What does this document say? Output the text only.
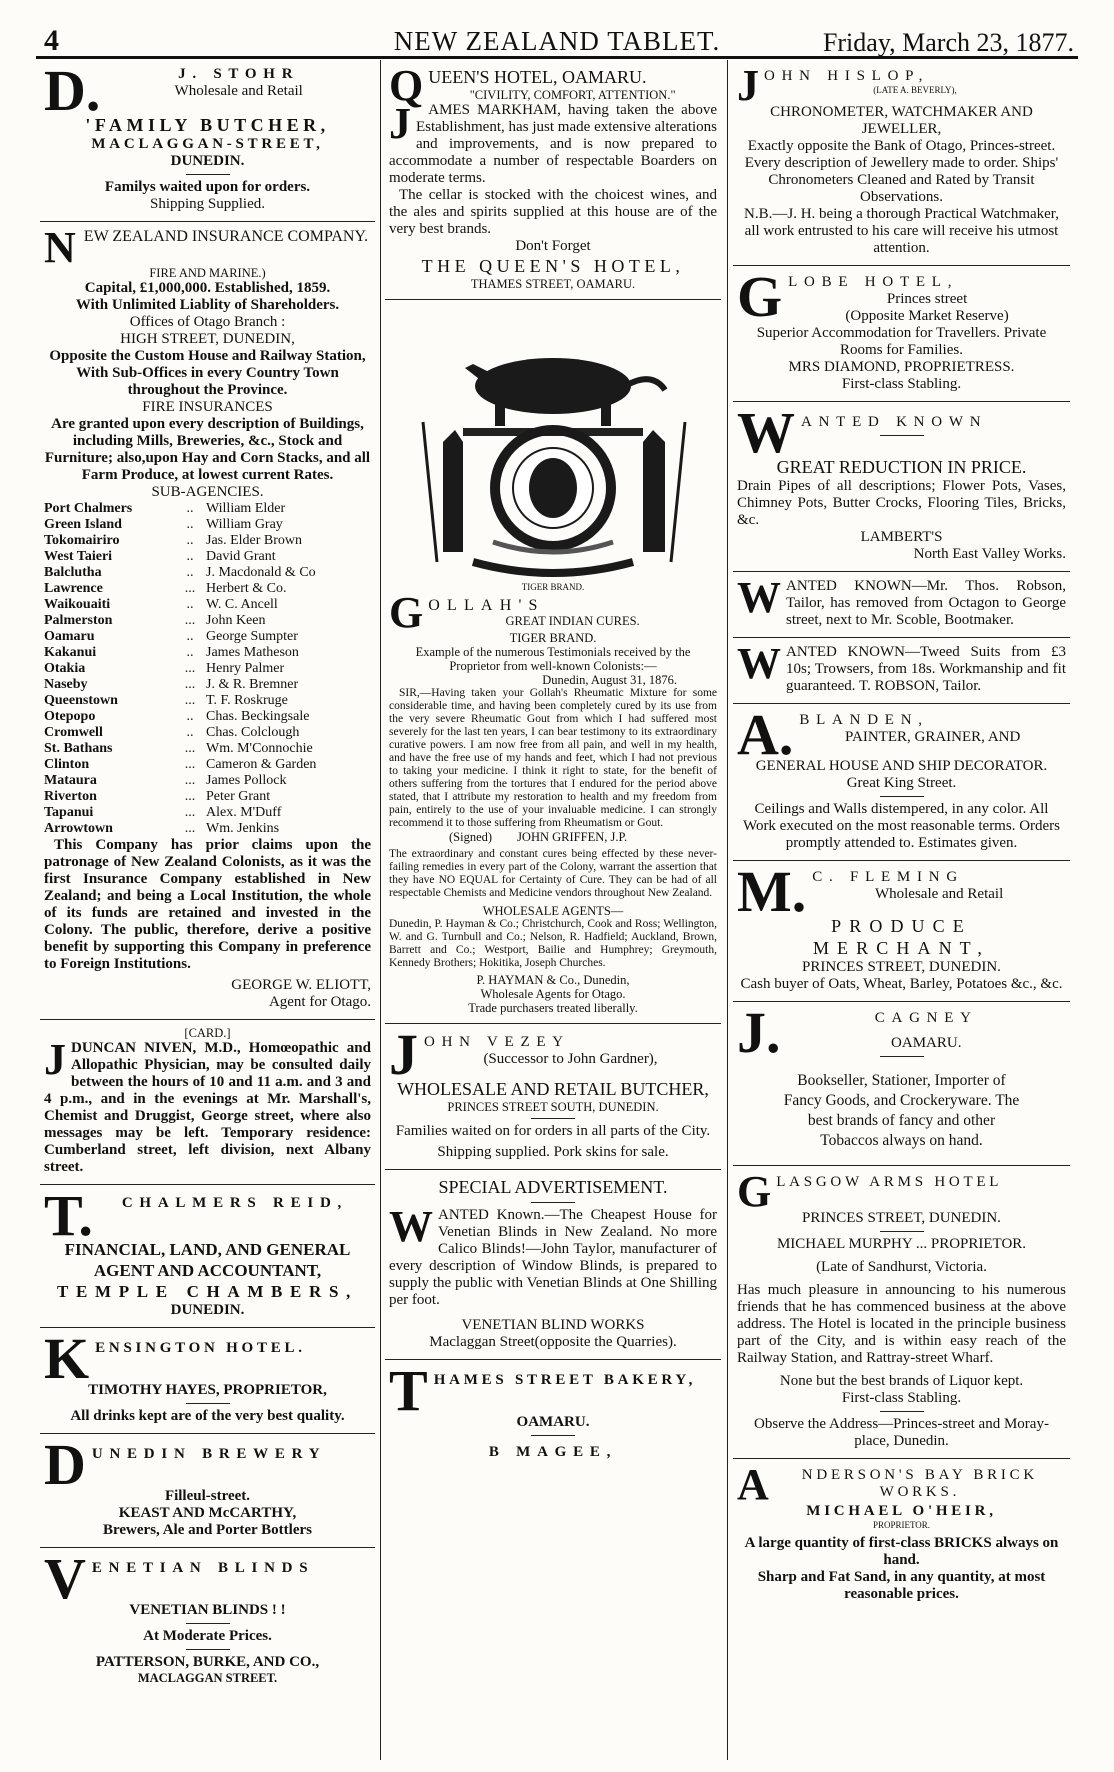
4	NEW ZEALAND TABLET.	Friday, March 23, 1877.
D.	J. STOHR
Wholesale and Retail
'FAMILY BUTCHER,
MACLAGGAN-STREET,
DUNEDIN.
Familys waited upon for orders.
Shipping Supplied.
N EW ZEALAND INSURANCE COMPANY.
FIRE AND MARINE.)
Capital, £1,000,000. Established, 1859.
With Unlimited Liablity of Shareholders.
Offices of Otago Branch :
HIGH STREET, DUNEDIN,
Opposite the Custom House and Railway Station,
With Sub-Offices in every Country Town throughout the Province.
FIRE INSURANCES
Are granted upon every description of Buildings, including Mills, Breweries, &c., Stock and Furniture; also,upon Hay and Corn Stacks, and all Farm Produce, at lowest current Rates.
SUB-AGENCIES.
Port Chalmers	..	William Elder
Green Island	..	William Gray
Tokomairiro	..	Jas. Elder Brown
West Taieri	..	David Grant
Balclutha	..	J. Macdonald & Co
Lawrence	...	Herbert & Co.
Waikouaiti	..	W. C. Ancell
Palmerston	...	John Keen
Oamaru	..	George Sumpter
Kakanui	..	James Matheson
Otakia	...	Henry Palmer
Naseby	...	J. & R. Bremner
Queenstown	...	T. F. Roskruge
Otepopo	..	Chas. Beckingsale
Cromwell	..	Chas. Colclough
St. Bathans	...	Wm. M'Connochie
Clinton	...	Cameron & Garden
Mataura	...	James Pollock
Riverton	...	Peter Grant
Tapanui	...	Alex. M'Duff
Arrowtown	...	Wm. Jenkins
This Company has prior claims upon the patronage of New Zealand Colonists, as it was the first Insurance Company established in New Zealand; and being a Local Institution, the whole of its funds are retained and invested in the Colony. The public, therefore, derive a positive benefit by supporting this Company in preference to Foreign Institutions.
GEORGE W. ELIOTT,
Agent for Otago.
[CARD.]
J DUNCAN NIVEN, M.D., Homœopathic and Allopathic Physician, may be consulted daily between the hours of 10 and 11 a.m. and 3 and 4 p.m., and in the evenings at Mr. Marshall's, Chemist and Druggist, George street, where also messages may be left. Temporary residence: Cumberland street, left division, next Albany street.
T.	CHALMERS REID,
FINANCIAL, LAND, AND GENERAL
AGENT AND ACCOUNTANT,
TEMPLE CHAMBERS,
DUNEDIN.
K ENSINGTON HOTEL.
TIMOTHY HAYES, PROPRIETOR,
All drinks kept are of the very best quality.
D UNEDIN BREWERY
Filleul-street.
KEAST AND McCARTHY,
Brewers, Ale and Porter Bottlers
V ENETIAN BLINDS
VENETIAN BLINDS ! !
At Moderate Prices.
PATTERSON, BURKE, AND CO.,
MACLAGGAN STREET.
Q UEEN'S HOTEL, OAMARU.
"CIVILITY, COMFORT, ATTENTION."
J	AMES MARKHAM, having taken the above Establishment, has just made extensive alterations and improvements, and is now prepared to accommodate a number of respectable Boarders on moderate terms.
The cellar is stocked with the choicest wines, and the ales and spirits supplied at this house are of the very best brands.
Don't Forget
THE QUEEN'S HOTEL,
THAMES STREET, OAMARU.
TIGER BRAND.
G OLLAH'S
GREAT INDIAN CURES.
TIGER BRAND.
Example of the numerous Testimonials received by the Proprietor from well-known Colonists:—
Dunedin, August 31, 1876.
SIR,—Having taken your Gollah's Rheumatic Mixture for some considerable time, and having been completely cured by its use from the very severe Rheumatic Gout from which I had suffered most severely for the last ten years, I can bear testimony to its extraordinary curative powers. I am now free from all pain, and well in my health, and have the free use of my hands and feet, which I had not previous to taking your medicine. I think it right to state, for the benefit of others suffering from the tortures that I endured for the period above stated, that I attribute my restoration to health and my freedom from pain, entirely to the use of your invaluable medicine. I can strongly recommend it to those suffering from Rheumatism or Gout.
(Signed) JOHN GRIFFEN, J.P.
The extraordinary and constant cures being effected by these never-failing remedies in every part of the Colony, warrant the assertion that they have NO EQUAL for Certainty of Cure. They can be had of all respectable Chemists and Medicine vendors throughout New Zealand.
WHOLESALE AGENTS—
Dunedin, P. Hayman & Co.; Christchurch, Cook and Ross; Wellington, W. and G. Turnbull and Co.; Nelson, R. Hadfield; Auckland, Brown, Barrett and Co.; Westport, Bailie and Humphrey; Greymouth, Kennedy Brothers; Hokitika, Joseph Churches.
P. HAYMAN & Co., Dunedin,
Wholesale Agents for Otago.
Trade purchasers treated liberally.
J OHN VEZEY
(Successor to John Gardner),
WHOLESALE AND RETAIL BUTCHER,
PRINCES STREET SOUTH, DUNEDIN.
Families waited on for orders in all parts of the City.
Shipping supplied. Pork skins for sale.
SPECIAL ADVERTISEMENT.
W ANTED Known.—The Cheapest House for Venetian Blinds in New Zealand. No more Calico Blinds!—John Taylor, manufacturer of every description of Window Blinds, is prepared to supply the public with Venetian Blinds at One Shilling per foot.
VENETIAN BLIND WORKS
Maclaggan Street(opposite the Quarries).
T HAMES STREET BAKERY,
OAMARU.
B MAGEE,
J OHN HISLOP,
(LATE A. BEVERLY),
CHRONOMETER, WATCHMAKER AND JEWELLER,
Exactly opposite the Bank of Otago, Princes-street.
Every description of Jewellery made to order. Ships' Chronometers Cleaned and Rated by Transit Observations.
N.B.—J. H. being a thorough Practical Watchmaker, all work entrusted to his care will receive his utmost attention.
G LOBE HOTEL,
Princes street
(Opposite Market Reserve)
Superior Accommodation for Travellers. Private Rooms for Families.
MRS DIAMOND, PROPRIETRESS.
First-class Stabling.
W ANTED KNOWN
GREAT REDUCTION IN PRICE.
Drain Pipes of all descriptions; Flower Pots, Vases, Chimney Pots, Butter Crocks, Flooring Tiles, Bricks, &c.
LAMBERT'S
North East Valley Works.
W ANTED KNOWN—Mr. Thos. Robson, Tailor, has removed from Octagon to George street, next to Mr. Scoble, Bootmaker.
W ANTED KNOWN—Tweed Suits from £3 10s; Trowsers, from 18s. Workmanship and fit guaranteed. T. ROBSON, Tailor.
A. BLANDEN,
PAINTER, GRAINER, AND
GENERAL HOUSE AND SHIP DECORATOR.
Great King Street.
Ceilings and Walls distempered, in any color. All Work executed on the most reasonable terms. Orders promptly attended to. Estimates given.
M. C. FLEMING
Wholesale and Retail
PRODUCE MERCHANT,
PRINCES STREET, DUNEDIN.
Cash buyer of Oats, Wheat, Barley, Potatoes &c., &c.
J.	CAGNEY
OAMARU.
Bookseller, Stationer, Importer of Fancy Goods, and Crockeryware. The best brands of fancy and other Tobaccos always on hand.
G LASGOW ARMS HOTEL
PRINCES STREET, DUNEDIN.
MICHAEL MURPHY ... PROPRIETOR.
(Late of Sandhurst, Victoria.
Has much pleasure in announcing to his numerous friends that he has commenced business at the above address. The Hotel is located in the principle business part of the City, and is within easy reach of the Railway Station, and Rattray-street Wharf.
None but the best brands of Liquor kept.
First-class Stabling.
Observe the Address—Princes-street and Moray-place, Dunedin.
A	NDERSON'S BAY BRICK WORKS.
MICHAEL O'HEIR,
PROPRIETOR.
A large quantity of first-class BRICKS always on hand.
Sharp and Fat Sand, in any quantity, at most reasonable prices.
